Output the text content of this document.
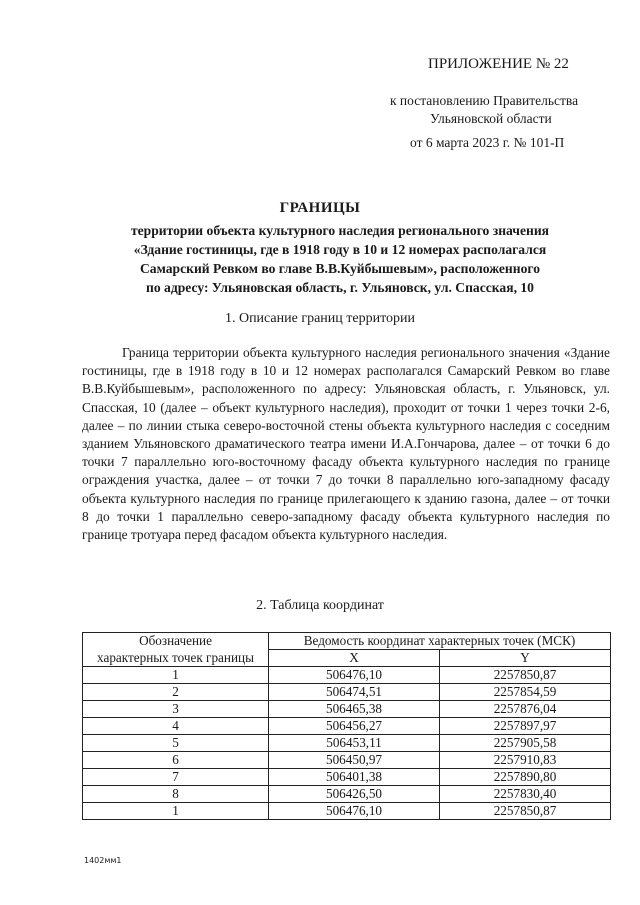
ПРИЛОЖЕНИЕ № 22
к постановлению Правительства
Ульяновской области
от 6 марта 2023 г. № 101-П
ГРАНИЦЫ
территории объекта культурного наследия регионального значения
«Здание гостиницы, где в 1918 году в 10 и 12 номерах располагался
Самарский Ревком во главе В.В.Куйбышевым», расположенного
по адресу: Ульяновская область, г. Ульяновск, ул. Спасская, 10
1. Описание границ территории
Граница территории объекта культурного наследия регионального значения «Здание гостиницы, где в 1918 году в 10 и 12 номерах располагался Самарский Ревком во главе В.В.Куйбышевым», расположенного по адресу: Ульяновская область, г. Ульяновск, ул. Спасская, 10 (далее – объект культурного наследия), проходит от точки 1 через точки 2-6, далее – по линии стыка северо-восточной стены объекта культурного наследия с соседним зданием Ульяновского драматического театра имени И.А.Гончарова, далее – от точки 6 до точки 7 параллельно юго-восточному фасаду объекта культурного наследия по границе ограждения участка, далее – от точки 7 до точки 8 параллельно юго-западному фасаду объекта культурного наследия по границе прилегающего к зданию газона, далее – от точки 8 до точки 1 параллельно северо-западному фасаду объекта культурного наследия по границе тротуара перед фасадом объекта культурного наследия.
2. Таблица координат
Обозначение	Ведомость координат характерных точек (МСК)	
характерных точек границы	X	Y
1	506476,10	2257850,87
2	506474,51	2257854,59
3	506465,38	2257876,04
4	506456,27	2257897,97
5	506453,11	2257905,58
6	506450,97	2257910,83
7	506401,38	2257890,80
8	506426,50	2257830,40
1	506476,10	2257850,87
1402мм1
